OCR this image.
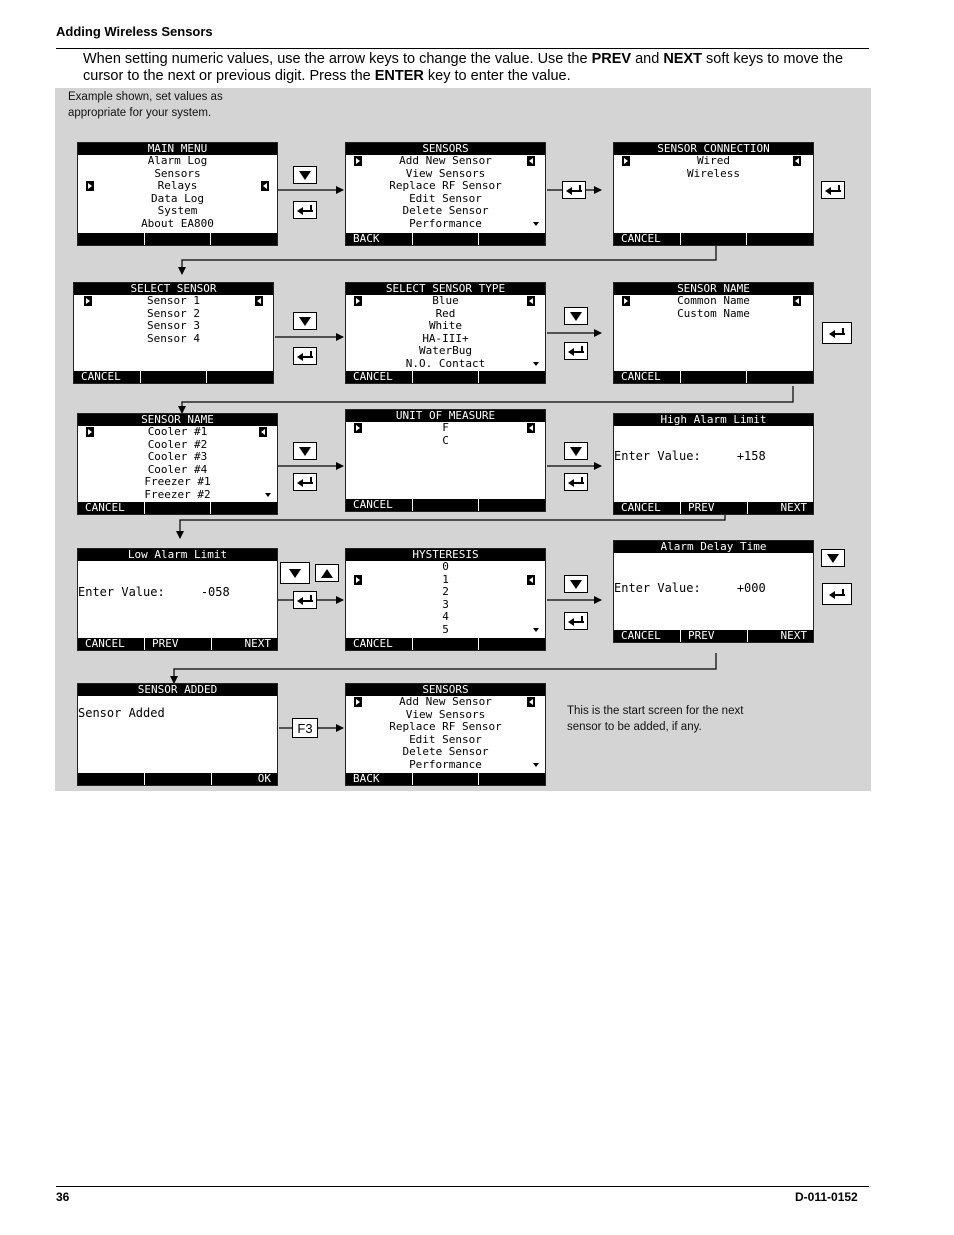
Adding Wireless Sensors
When setting numeric values, use the arrow keys to change the value. Use the PREV and NEXT soft keys to move the cursor to the next or previous digit. Press the ENTER key to enter the value.
Example shown, set values as
appropriate for your system.
This is the start screen for the next
sensor to be added, if any.
MAIN MENU
Alarm Log
Sensors
Relays
Data Log
System
About EA800
SENSORS
Add New Sensor
View Sensors
Replace RF Sensor
Edit Sensor
Delete Sensor
Performance
BACK
SENSOR CONNECTION
Wired
Wireless
CANCEL
SELECT SENSOR
Sensor 1
Sensor 2
Sensor 3
Sensor 4
CANCEL
SELECT SENSOR TYPE
Blue
Red
White
HA-III+
WaterBug
N.O. Contact
CANCEL
SENSOR NAME
Common Name
Custom Name
CANCEL
SENSOR NAME
Cooler #1
Cooler #2
Cooler #3
Cooler #4
Freezer #1
Freezer #2
CANCEL
UNIT OF MEASURE
F
C
CANCEL
High Alarm Limit
Enter Value:	+158
CANCEL	PREV	NEXT
Low Alarm Limit
Enter Value:	-058
CANCEL	PREV	NEXT
HYSTERESIS
0
1
2
3
4
5
CANCEL
Alarm Delay Time
Enter Value:	+000
CANCEL	PREV	NEXT
SENSOR ADDED
Sensor Added
OK
F3
SENSORS
Add New Sensor
View Sensors
Replace RF Sensor
Edit Sensor
Delete Sensor
Performance
BACK
36	D-011-0152
